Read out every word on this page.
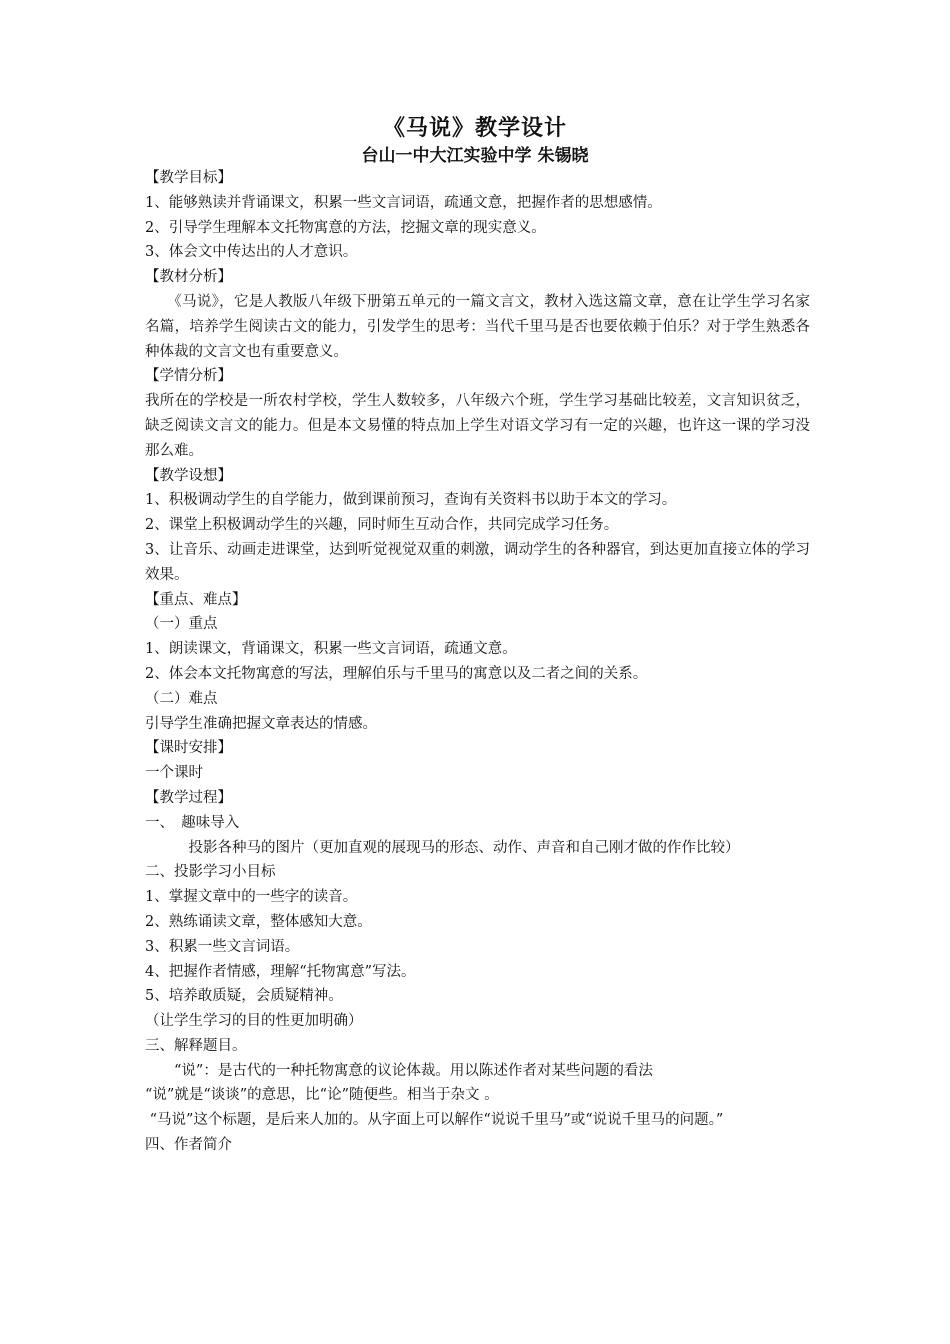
《马说》教学设计
台山一中大江实验中学 朱锡晓

【教学目标】

1、能够熟读并背诵课文，积累一些文言词语，疏通文意，把握作者的思想感情。

2、引导学生理解本文托物寓意的方法，挖掘文章的现实意义。

3、体会文中传达出的人才意识。

【教材分析】

　　《马说》，它是人教版八年级下册第五单元的一篇文言文，教材入选这篇文章，意在让学生学习名家名篇，培养学生阅读古文的能力，引发学生的思考：当代千里马是否也要依赖于伯乐？对于学生熟悉各种体裁的文言文也有重要意义。

【学情分析】

我所在的学校是一所农村学校，学生人数较多，八年级六个班，学生学习基础比较差，文言知识贫乏，缺乏阅读文言文的能力。但是本文易懂的特点加上学生对语文学习有一定的兴趣，也许这一课的学习没那么难。

【教学设想】

1、积极调动学生的自学能力，做到课前预习，查询有关资料书以助于本文的学习。

2、课堂上积极调动学生的兴趣，同时师生互动合作，共同完成学习任务。

3、让音乐、动画走进课堂，达到听觉视觉双重的刺激，调动学生的各种器官，到达更加直接立体的学习效果。

【重点、难点】

（一）重点

1、朗读课文，背诵课文，积累一些文言词语，疏通文意。

2、体会本文托物寓意的写法，理解伯乐与千里马的寓意以及二者之间的关系。

（二）难点

引导学生准确把握文章表达的情感。

【课时安排】

一个课时

【教学过程】

一、　趣味导入

　　　投影各种马的图片（更加直观的展现马的形态、动作、声音和自己刚才做的作作比较）

二、投影学习小目标

1、掌握文章中的一些字的读音。

2、熟练诵读文章，整体感知大意。

3、积累一些文言词语。

4、把握作者情感，理解“托物寓意”写法。

5、培养敢质疑，会质疑精神。

（让学生学习的目的性更加明确）

三、解释题目。

　　“说”：是古代的一种托物寓意的议论体裁。用以陈述作者对某些问题的看法

“说”就是“谈谈”的意思，比“论”随便些。相当于杂文 。

“马说”这个标题，是后来人加的。从字面上可以解作“说说千里马”或“说说千里马的问题。”

四、作者简介
